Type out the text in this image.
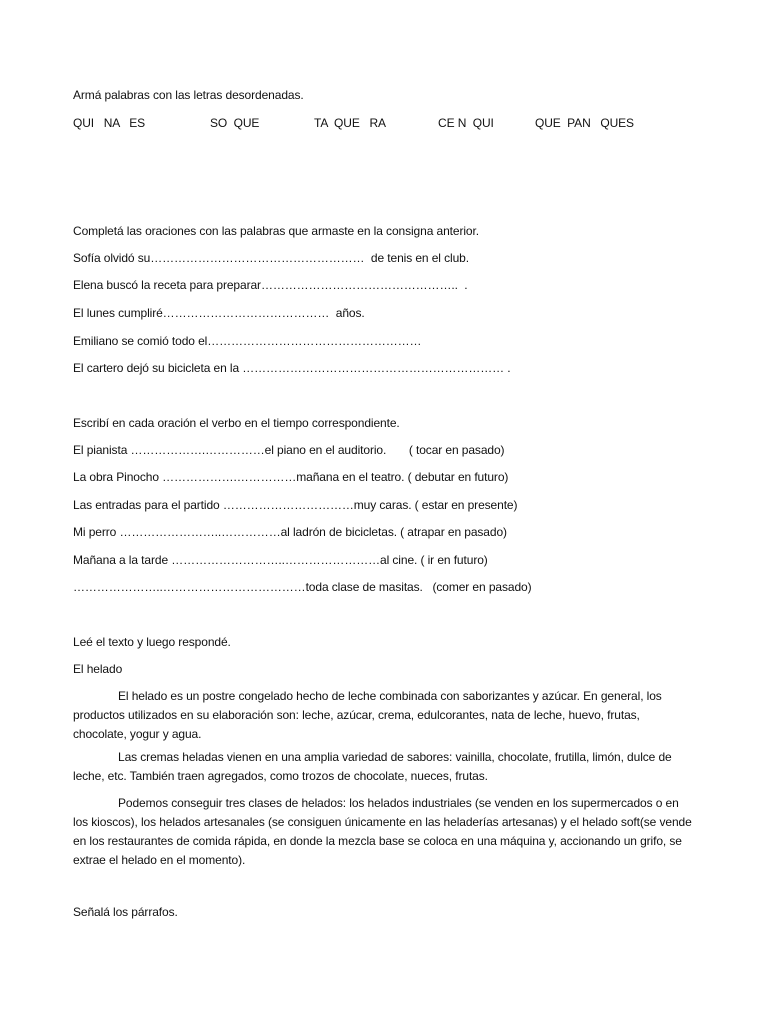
Armá palabras con las letras desordenadas.
QUI   NA   ES	SO  QUE	TA  QUE   RA	CE N  QUI	QUE  PAN   QUES
Completá las oraciones con las palabras que armaste en la consigna anterior.
Sofía olvidó su………………………………………………  de tenis en el club.
Elena buscó la receta para preparar…………………………………………..  .
El lunes cumpliré……………………………………  años.
Emiliano se comió todo el………………………………………………
El cartero dejó su bicicleta en la ………………………………………………………… .
Escribí en cada oración el verbo en el tiempo correspondiente.
El pianista ……………….……………el piano en el auditorio.       ( tocar en pasado)
La obra Pinocho ……………….……………mañana en el teatro. ( debutar en futuro)
Las entradas para el partido ……………………………muy caras. ( estar en presente)
Mi perro ……………………..……………al ladrón de bicicletas. ( atrapar en pasado)
Mañana a la tarde ………………………..……………………al cine. ( ir en futuro)
…………………..………………………………toda clase de masitas.   (comer en pasado)
Leé el texto y luego respondé.
El helado
El helado es un postre congelado hecho de leche combinada con saborizantes y azúcar. En general, los productos utilizados en su elaboración son: leche, azúcar, crema, edulcorantes, nata de leche, huevo, frutas, chocolate, yogur y agua.
Las cremas heladas vienen en una amplia variedad de sabores: vainilla, chocolate, frutilla, limón, dulce de leche, etc. También traen agregados, como trozos de chocolate, nueces, frutas.
Podemos conseguir tres clases de helados: los helados industriales (se venden en los supermercados o en los kioscos), los helados artesanales (se consiguen únicamente en las heladerías artesanas) y el helado soft(se vende en los restaurantes de comida rápida, en donde la mezcla base se coloca en una máquina y, accionando un grifo, se extrae el helado en el momento).
Señalá los párrafos.
